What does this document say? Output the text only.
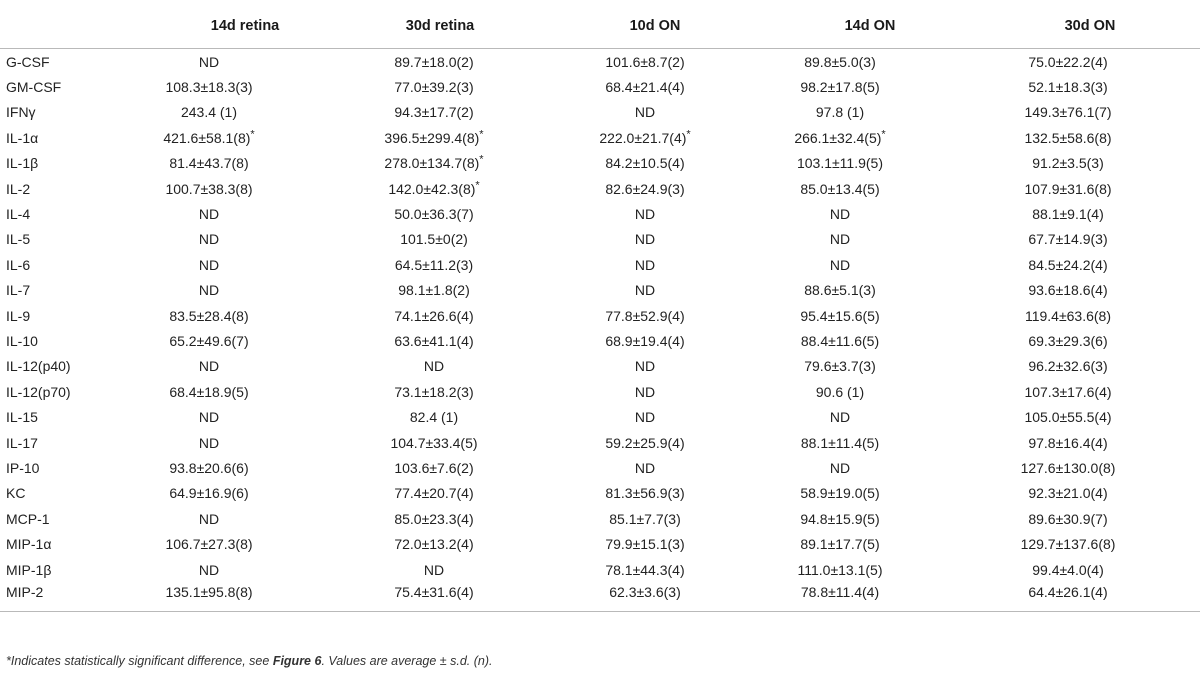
	14d retina	30d retina	10d ON	14d ON	30d ON
G-CSF	ND	89.7±18.0(2)	101.6±8.7(2)	89.8±5.0(3)	75.0±22.2(4)
GM-CSF	108.3±18.3(3)	77.0±39.2(3)	68.4±21.4(4)	98.2±17.8(5)	52.1±18.3(3)
IFNγ	243.4 (1)	94.3±17.7(2)	ND	97.8 (1)	149.3±76.1(7)
IL-1α	421.6±58.1(8)*	396.5±299.4(8)*	222.0±21.7(4)*	266.1±32.4(5)*	132.5±58.6(8)
IL-1β	81.4±43.7(8)	278.0±134.7(8)*	84.2±10.5(4)	103.1±11.9(5)	91.2±3.5(3)
IL-2	100.7±38.3(8)	142.0±42.3(8)*	82.6±24.9(3)	85.0±13.4(5)	107.9±31.6(8)
IL-4	ND	50.0±36.3(7)	ND	ND	88.1±9.1(4)
IL-5	ND	101.5±0(2)	ND	ND	67.7±14.9(3)
IL-6	ND	64.5±11.2(3)	ND	ND	84.5±24.2(4)
IL-7	ND	98.1±1.8(2)	ND	88.6±5.1(3)	93.6±18.6(4)
IL-9	83.5±28.4(8)	74.1±26.6(4)	77.8±52.9(4)	95.4±15.6(5)	119.4±63.6(8)
IL-10	65.2±49.6(7)	63.6±41.1(4)	68.9±19.4(4)	88.4±11.6(5)	69.3±29.3(6)
IL-12(p40)	ND	ND	ND	79.6±3.7(3)	96.2±32.6(3)
IL-12(p70)	68.4±18.9(5)	73.1±18.2(3)	ND	90.6 (1)	107.3±17.6(4)
IL-15	ND	82.4 (1)	ND	ND	105.0±55.5(4)
IL-17	ND	104.7±33.4(5)	59.2±25.9(4)	88.1±11.4(5)	97.8±16.4(4)
IP-10	93.8±20.6(6)	103.6±7.6(2)	ND	ND	127.6±130.0(8)
KC	64.9±16.9(6)	77.4±20.7(4)	81.3±56.9(3)	58.9±19.0(5)	92.3±21.0(4)
MCP-1	ND	85.0±23.3(4)	85.1±7.7(3)	94.8±15.9(5)	89.6±30.9(7)
MIP-1α	106.7±27.3(8)	72.0±13.2(4)	79.9±15.1(3)	89.1±17.7(5)	129.7±137.6(8)
MIP-1β	ND	ND	78.1±44.3(4)	111.0±13.1(5)	99.4±4.0(4)
MIP-2	135.1±95.8(8)	75.4±31.6(4)	62.3±3.6(3)	78.8±11.4(4)	64.4±26.1(4)
*Indicates statistically significant difference, see Figure 6. Values are average ± s.d. (n).
